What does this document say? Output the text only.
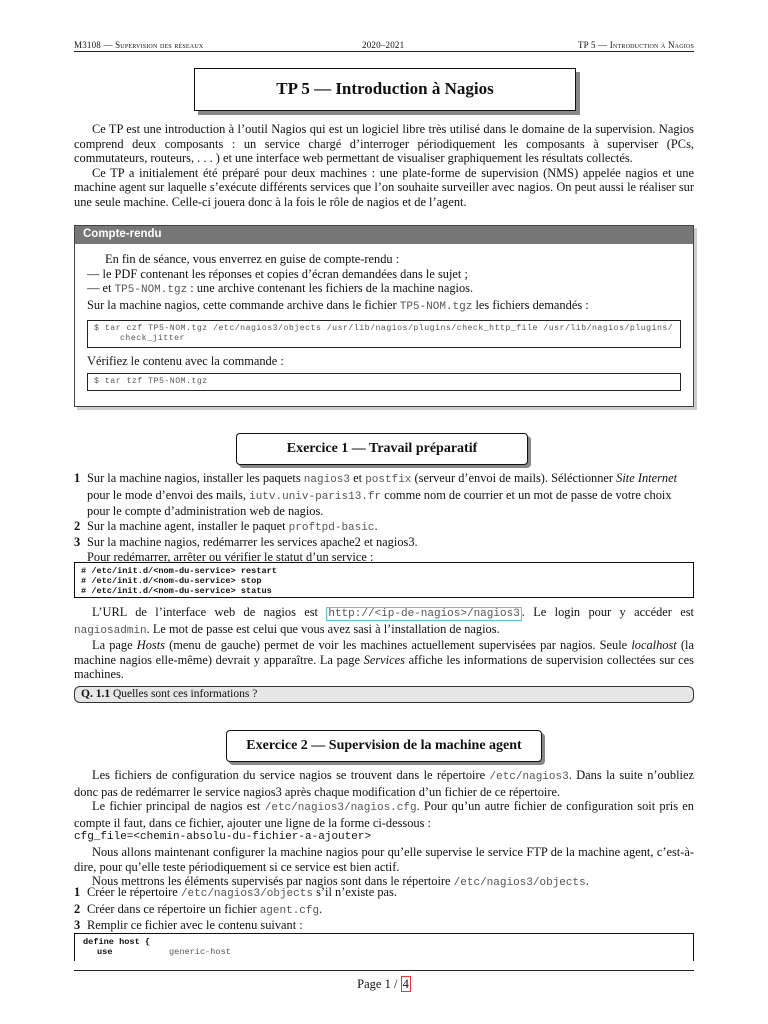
M3108 — Supervision des réseaux	2020–2021	TP 5 — Introduction à Nagios
TP 5 — Introduction à Nagios

Ce TP est une introduction à l’outil Nagios qui est un logiciel libre très utilisé dans le domaine de la supervision. Nagios comprend deux composants : un service chargé d’interroger périodiquement les composants à superviser (PCs, commutateurs, routeurs, . . . ) et une interface web permettant de visualiser graphiquement les résultats collectés.

Ce TP a initialement été préparé pour deux machines : une plate-forme de supervision (NMS) appelée nagios et une machine agent sur laquelle s’exécute différents services que l’on souhaite surveiller avec nagios. On peut aussi le réaliser sur une seule machine. Celle-ci jouera donc à la fois le rôle de nagios et de l’agent.

Compte-rendu
En fin de séance, vous enverrez en guise de compte-rendu :
— le PDF contenant les réponses et copies d’écran demandées dans le sujet ;
— et TP5-NOM.tgz : une archive contenant les fichiers de la machine nagios.
Sur la machine nagios, cette commande archive dans le fichier TP5-NOM.tgz les fichiers demandés :
$ tar czf TP5-NOM.tgz /etc/nagios3/objects /usr/lib/nagios/plugins/check_http_file /usr/lib/nagios/plugins/
check_jitter
Vérifiez le contenu avec la commande :
$ tar tzf TP5-NOM.tgz
Exercice 1 — Travail préparatif
1 Sur la machine nagios, installer les paquets nagios3 et postfix (serveur d’envoi de mails). Séléctionner Site Internet pour le mode d’envoi des mails, iutv.univ-paris13.fr comme nom de courrier et un mot de passe de votre choix pour le compte d’administration web de nagios.
2 Sur la machine agent, installer le paquet proftpd-basic.
3 Sur la machine nagios, redémarrer les services apache2 et nagios3.
Pour redémarrer, arrêter ou vérifier le statut d’un service :
# /etc/init.d/<nom-du-service> restart
# /etc/init.d/<nom-du-service> stop
# /etc/init.d/<nom-du-service> status

L’URL de l’interface web de nagios est http://<ip-de-nagios>/nagios3 . Le login pour y accéder est nagiosadmin. Le mot de passe est celui que vous avez sasi à l’installation de nagios.

La page Hosts (menu de gauche) permet de voir les machines actuellement supervisées par nagios. Seule localhost (la machine nagios elle-même) devrait y apparaître. La page Services affiche les informations de supervision collectées sur ces machines.

Q. 1.1 Quelles sont ces informations ?
Exercice 2 — Supervision de la machine agent

Les fichiers de configuration du service nagios se trouvent dans le répertoire /etc/nagios3. Dans la suite n’oubliez donc pas de redémarrer le service nagios3 après chaque modification d’un fichier de ce répertoire.

Le fichier principal de nagios est /etc/nagios3/nagios.cfg. Pour qu’un autre fichier de configuration soit pris en compte il faut, dans ce fichier, ajouter une ligne de la forme ci-dessous :

cfg_file=<chemin-absolu-du-fichier-a-ajouter>

Nous allons maintenant configurer la machine nagios pour qu’elle supervise le service FTP de la machine agent, c’est-à-dire, pour qu’elle teste périodiquement si ce service est bien actif.

Nous mettrons les éléments supervisés par nagios sont dans le répertoire /etc/nagios3/objects.

1 Créer le répertoire /etc/nagios3/objects s’il n’existe pas.
2 Créer dans ce répertoire un fichier agent.cfg.
3 Remplir ce fichier avec le contenu suivant :
define host {
use	generic-host
Page 1 / 4
